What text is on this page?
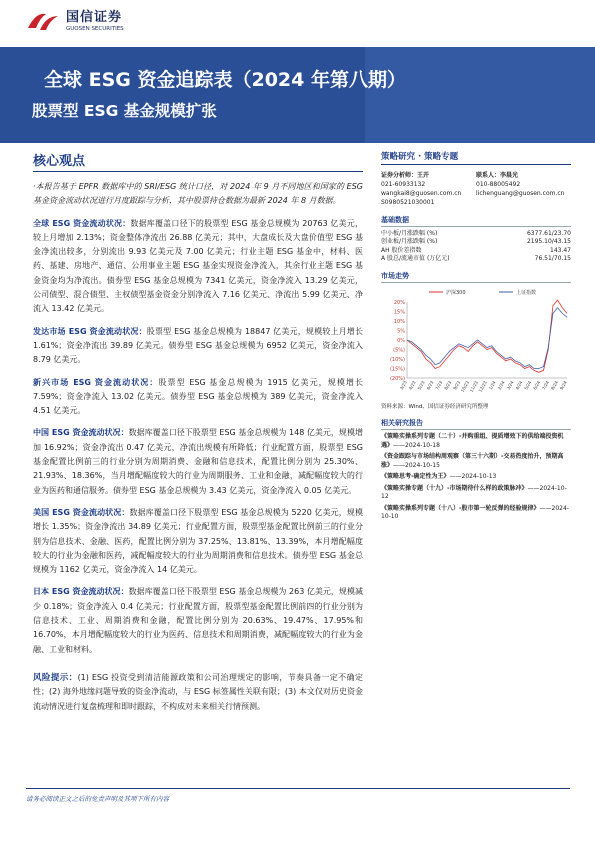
国信证券
GUOSEN SECURITIES
全球 ESG 资金追踪表（2024 年第八期）
股票型 ESG 基金规模扩张
核心观点

·本报告基于 EPFR 数据库中的 SRI/ESG 统计口径，对 2024 年 9 月不同地区和国家的 ESG 基金资金流动状况进行月度跟踪与分析，其中股票持仓数据为最新 2024 年 8 月数据。

全球 ESG 资金流动状况：数据库覆盖口径下的股票型 ESG 基金总规模为 20763 亿美元，较上月增加 2.13%；资金整体净流出 26.88 亿美元；其中，大盘成长及大盘价值型 ESG 基金净流出较多，分别流出 9.93 亿美元及 7.00 亿美元；行业主题 ESG 基金中，材料、医药、基建、房地产、通信、公用事业主题 ESG 基金实现资金净流入，其余行业主题 ESG 基金资金均为净流出。债券型 ESG 基金总规模为 7341 亿美元，资金净流入 13.29 亿美元，公司债型、混合债型、主权债型基金资金分别净流入 7.16 亿美元、净流出 5.99 亿美元、净流入 13.42 亿美元。

发达市场 ESG 资金流动状况：股票型 ESG 基金总规模为 18847 亿美元，规模较上月增长 1.61%；资金净流出 39.89 亿美元。债券型 ESG 基金总规模为 6952 亿美元，资金净流入 8.79 亿美元。

新兴市场 ESG 资金流动状况：股票型 ESG 基金总规模为 1915 亿美元，规模增长 7.59%；资金净流入 13.02 亿美元。债券型 ESG 基金总规模为 389 亿美元，资金净流入 4.51 亿美元。

中国 ESG 资金流动状况：数据库覆盖口径下股票型 ESG 基金总规模为 148 亿美元，规模增加 16.92%；资金净流出 0.47 亿美元，净流出规模有所降低；行业配置方面，股票型 ESG 基金配置比例前三的行业分别为周期消费、金融和信息技术，配置比例分别为 25.30%、21.93%、18.36%，当月增配幅度较大的行业为周期服务、工业和金融，减配幅度较大的行业为医药和通信服务。债券型 ESG 基金总规模为 3.43 亿美元，资金净流入 0.05 亿美元。

美国 ESG 资金流动状况：数据库覆盖口径下股票型 ESG 基金总规模为 5220 亿美元，规模增长 1.35%；资金净流出 34.89 亿美元；行业配置方面，股票型基金配置比例前三的行业分别为信息技术、金融、医药，配置比例分别为 37.25%、13.81%、13.39%，本月增配幅度较大的行业为金融和医药，减配幅度较大的行业为周期消费和信息技术。债券型 ESG 基金总规模为 1162 亿美元，资金净流入 14 亿美元。

日本 ESG 资金流动状况：数据库覆盖口径下股票型 ESG 基金总规模为 263 亿美元，规模减少 0.18%；资金净流入 0.4 亿美元；行业配置方面，股票型基金配置比例前四的行业分别为信息技术、工业、周期消费和金融，配置比例分别为 20.63%、19.47%、17.95%和 16.70%，本月增配幅度较大的行业为医药、信息技术和周期消费，减配幅度较大的行业为金融、工业和材料。

风险提示：(1) ESG 投资受到清洁能源政策和公司治理规定的影响，节奏具备一定不确定性；(2) 海外地缘问题导致的资金净流动，与 ESG 标签属性关联有限；(3) 本文仅对历史资金流动情况进行复盘梳理和即时跟踪，不构成对未来相关行情预测。

策略研究 · 策略专题
证券分析师：王开
021-60933132
wangkai8@guosen.com.cn
S0980521030001
联系人：李晨光
010-88005492
lichenguang@guosen.com.cn
基础数据
中小板/月涨跌幅 (%)	6377.61/23.70
创业板/月涨跌幅 (%)	2195.10/43.15
AH 股价差指数	143.47
A 股总/流通市值 (万亿元)	76.51/70.15
市场走势
20%
15%
10%
5%
0%
(5%)
(10%)
(15%)
(20%)
3/23 4/23 5/23 6/23 7/23 8/23 9/23
10/23
11/23
12/23 1/24 2/24 3/24 4/24 5/24 6/24 7/24 8/24 9/24
沪深300	上证指数
资料来源：Wind、国信证券经济研究所整理
相关研究报告
《策略实操系列专题（二十）-并购重组、提质增效下的供给端投资机遇》——2024-10-18
《资金跟踪与市场结构周观察（第三十六期）-交易热度抬升，预期高涨》——2024-10-15
《策略思考-确定性为王》——2024-10-13
《策略实操专题（十九）-市场期待什么样的政策脉冲》——2024-10-12
《策略实操系列专题（十八）-股市第一轮反弹的经验规律》——2024-10-10
请务必阅读正文之后的免责声明及其项下所有内容
